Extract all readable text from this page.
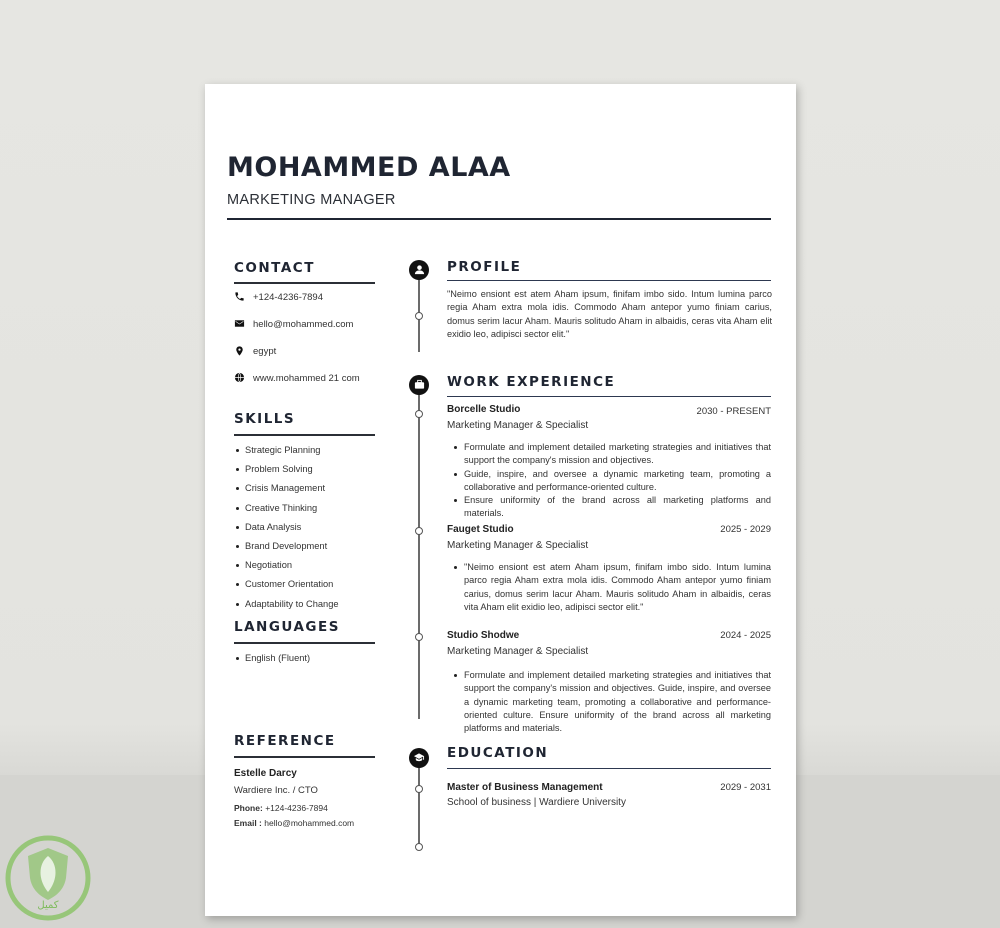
MOHAMMED ALAA
MARKETING MANAGER
CONTACT
+124-4236-7894
hello@mohammed.com
egypt
www.mohammed 21 com
SKILLS
Strategic Planning
Problem Solving
Crisis Management
Creative Thinking
Data Analysis
Brand Development
Negotiation
Customer Orientation
Adaptability to Change
LANGUAGES
English (Fluent)
REFERENCE
Estelle Darcy
Wardiere Inc. / CTO
Phone: +124-4236-7894
Email : hello@mohammed.com
PROFILE

"Neimo ensiont est atem Aham ipsum, finifam imbo sido. Intum lumina parco regia Aham extra mola idis. Commodo Aham antepor yumo finiam carius, domus serim lacur Aham. Mauris solitudo Aham in albaidis, ceras vita Aham elit exidio leo, adipisci sector elit."

WORK EXPERIENCE
Borcelle Studio	2030 - PRESENT
Marketing Manager & Specialist
Formulate and implement detailed marketing strategies and initiatives that support the company's mission and objectives.
Guide, inspire, and oversee a dynamic marketing team, promoting a collaborative and performance-oriented culture.
Ensure uniformity of the brand across all marketing platforms and materials.
Fauget Studio	2025 - 2029
Marketing Manager & Specialist
"Neimo ensiont est atem Aham ipsum, finifam imbo sido. Intum lumina parco regia Aham extra mola idis. Commodo Aham antepor yumo finiam carius, domus serim lacur Aham. Mauris solitudo Aham in albaidis, ceras vita Aham elit exidio leo, adipisci sector elit."
Studio Shodwe	2024 - 2025
Marketing Manager & Specialist
Formulate and implement detailed marketing strategies and initiatives that support the company's mission and objectives. Guide, inspire, and oversee a dynamic marketing team, promoting a collaborative and performance-oriented culture. Ensure uniformity of the brand across all marketing platforms and materials.
EDUCATION
Master of Business Management	2029 - 2031
School of business | Wardiere University
كميل
